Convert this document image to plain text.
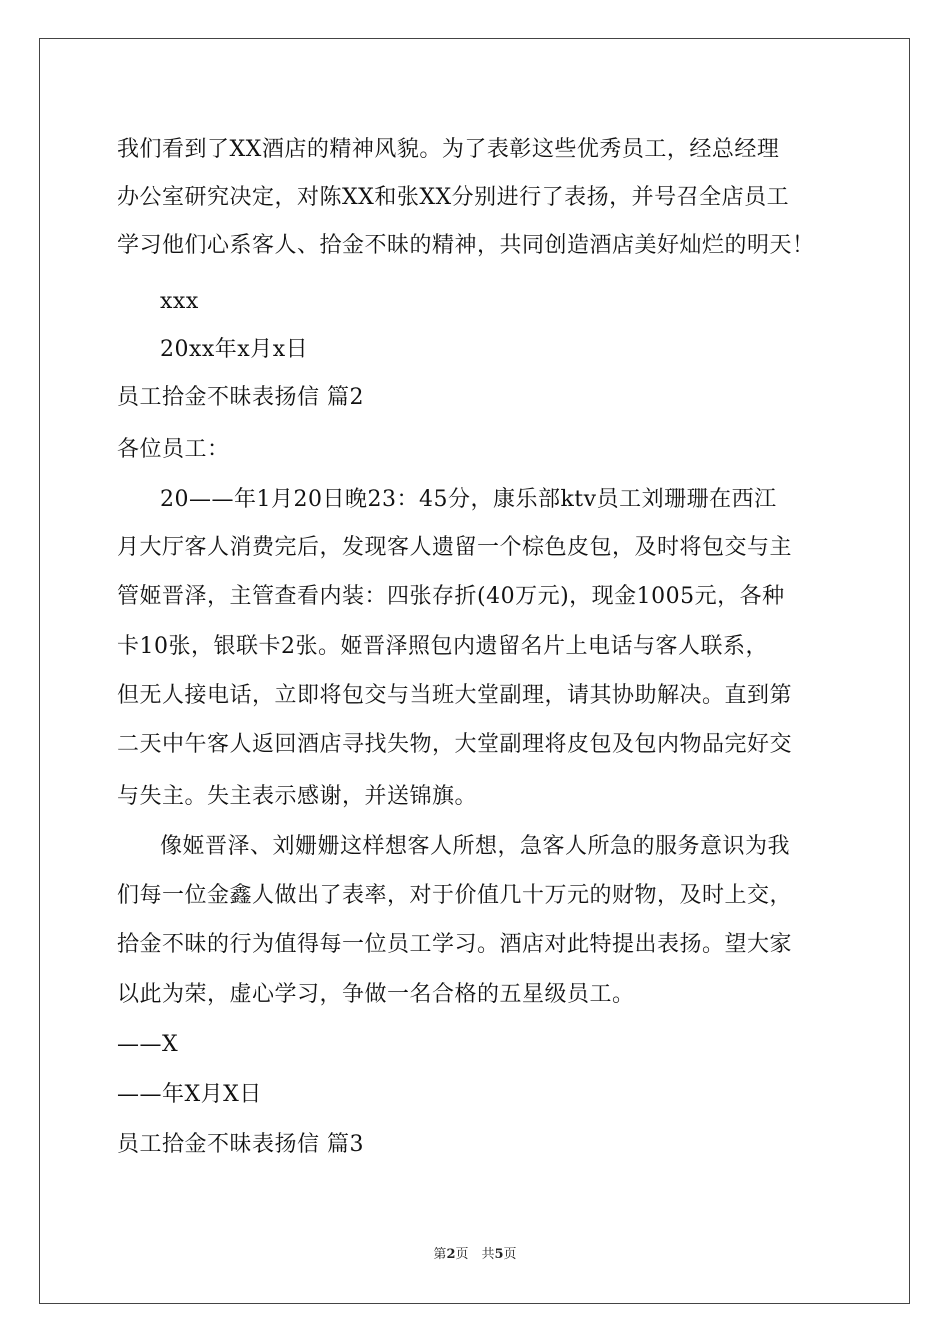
我们看到了XX酒店的精神风貌。为了表彰这些优秀员工，经总经理
办公室研究决定，对陈XX和张XX分别进行了表扬，并号召全店员工
学习他们心系客人、拾金不昧的精神，共同创造酒店美好灿烂的明天！
xxx
20xx年x月x日
员工拾金不昧表扬信 篇2
各位员工：
20——年1月20日晚23：45分，康乐部ktv员工刘珊珊在西江
月大厅客人消费完后，发现客人遗留一个棕色皮包，及时将包交与主
管姬晋泽，主管查看内装：四张存折(40万元)，现金1005元，各种
卡10张，银联卡2张。姬晋泽照包内遗留名片上电话与客人联系，
但无人接电话，立即将包交与当班大堂副理，请其协助解决。直到第
二天中午客人返回酒店寻找失物，大堂副理将皮包及包内物品完好交
与失主。失主表示感谢，并送锦旗。
像姬晋泽、刘姗姗这样想客人所想，急客人所急的服务意识为我
们每一位金鑫人做出了表率，对于价值几十万元的财物，及时上交，
拾金不昧的行为值得每一位员工学习。酒店对此特提出表扬。望大家
以此为荣，虚心学习，争做一名合格的五星级员工。
——X
——年X月X日
员工拾金不昧表扬信 篇3
第2页　共5页
